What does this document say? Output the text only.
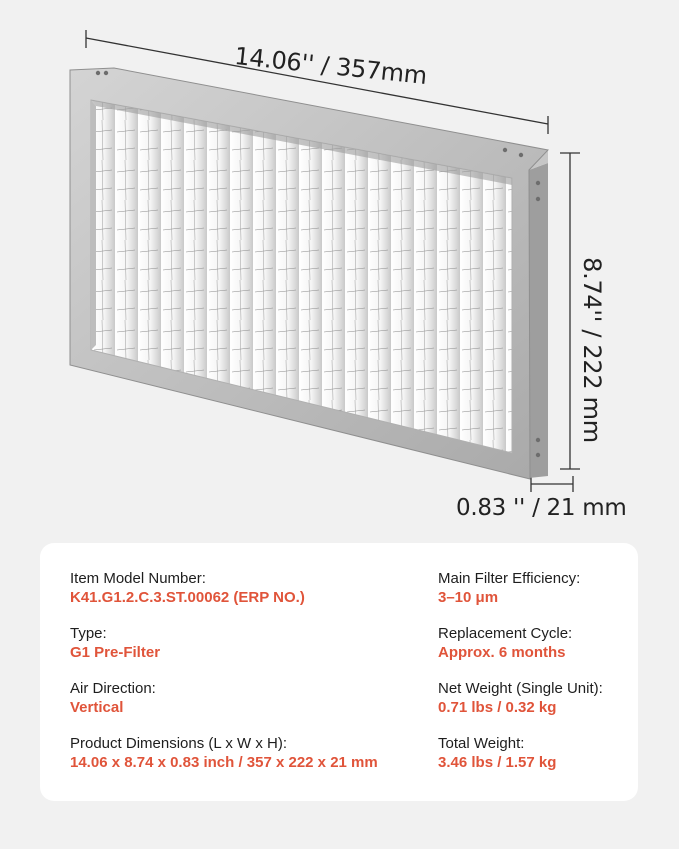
14.06'' / 357mm
8.74'' / 222 mm
0.83 '' / 21 mm
Item Model Number:
K41.G1.2.C.3.ST.00062 (ERP NO.)
Main Filter Efficiency:
3–10 μm
Type:
G1 Pre-Filter
Replacement Cycle:
Approx. 6 months
Air Direction:
Vertical
Net Weight (Single Unit):
0.71 lbs / 0.32 kg
Product Dimensions (L x W x H):
14.06 x 8.74 x 0.83 inch / 357 x 222 x 21 mm
Total Weight:
3.46 lbs / 1.57 kg
